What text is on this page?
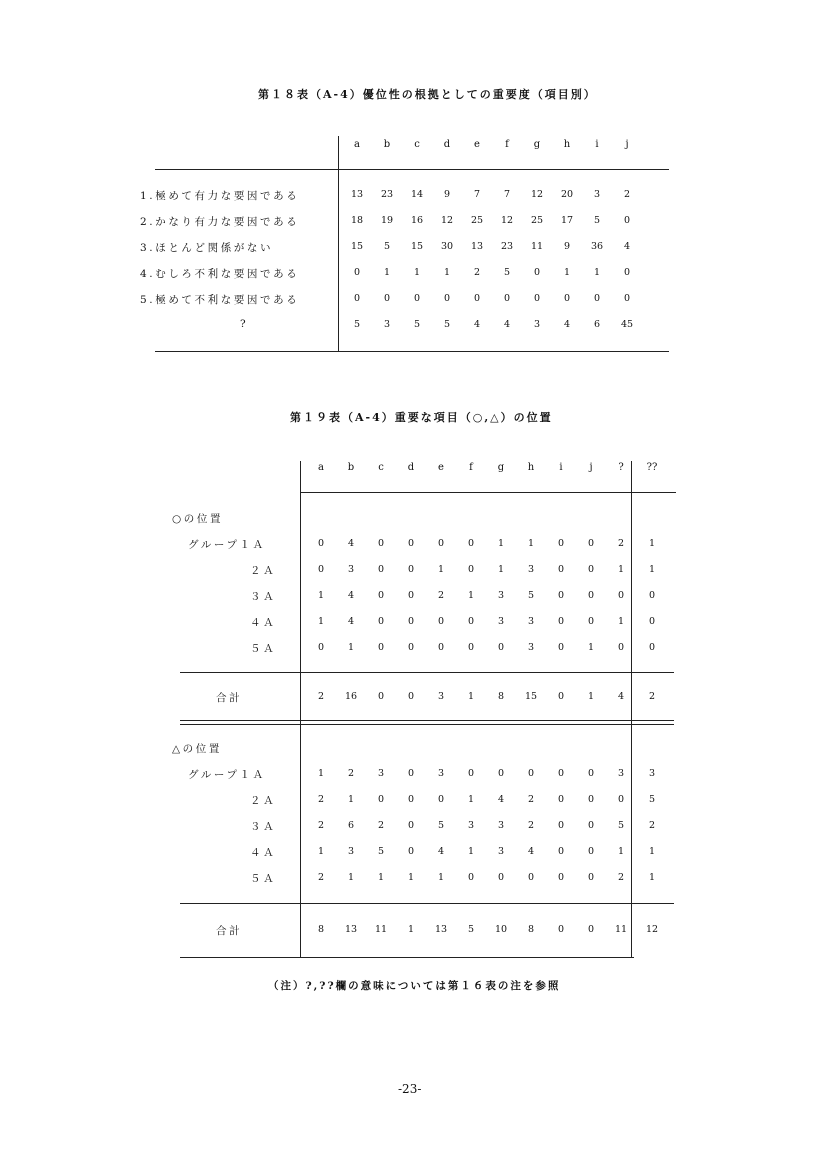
第１８表（A-4）優位性の根拠としての重要度（項目別）
a	b	c	d	e	f	g	h	i	j
1.極めて有力な要因である	13	23	14	9	7	7	12	20	3	2
2.かなり有力な要因である	18	19	16	12	25	12	25	17	5	0
3.ほとんど関係がない	15	5	15	30	13	23	11	9	36	4
4.むしろ不利な要因である	0	1	1	1	2	5	0	1	1	0
5.極めて不利な要因である	0	0	0	0	0	0	0	0	0	0
?	5	3	5	5	4	4	3	4	6	45
第１９表（A-4）重要な項目（○,△）の位置
a	b	c	d	e	f	g	h	i	j	?	??
○の位置
グループ１Ａ	0	4	0	0	0	0	1	1	0	0	2	1
２Ａ	0	3	0	0	1	0	1	3	0	0	1	1
３Ａ	1	4	0	0	2	1	3	5	0	0	0	0
４Ａ	1	4	0	0	0	0	3	3	0	0	1	0
５Ａ	0	1	0	0	0	0	0	3	0	1	0	0
合計	2	16	0	0	3	1	8	15	0	1	4	2
△の位置
グループ１Ａ	1	2	3	0	3	0	0	0	0	0	3	3
２Ａ	2	1	0	0	0	1	4	2	0	0	0	5
３Ａ	2	6	2	0	5	3	3	2	0	0	5	2
４Ａ	1	3	5	0	4	1	3	4	0	0	1	1
５Ａ	2	1	1	1	1	0	0	0	0	0	2	1
合計	8	13	11	1	13	5	10	8	0	0	11	12
（注）?,??欄の意味については第１６表の注を参照
-23-
